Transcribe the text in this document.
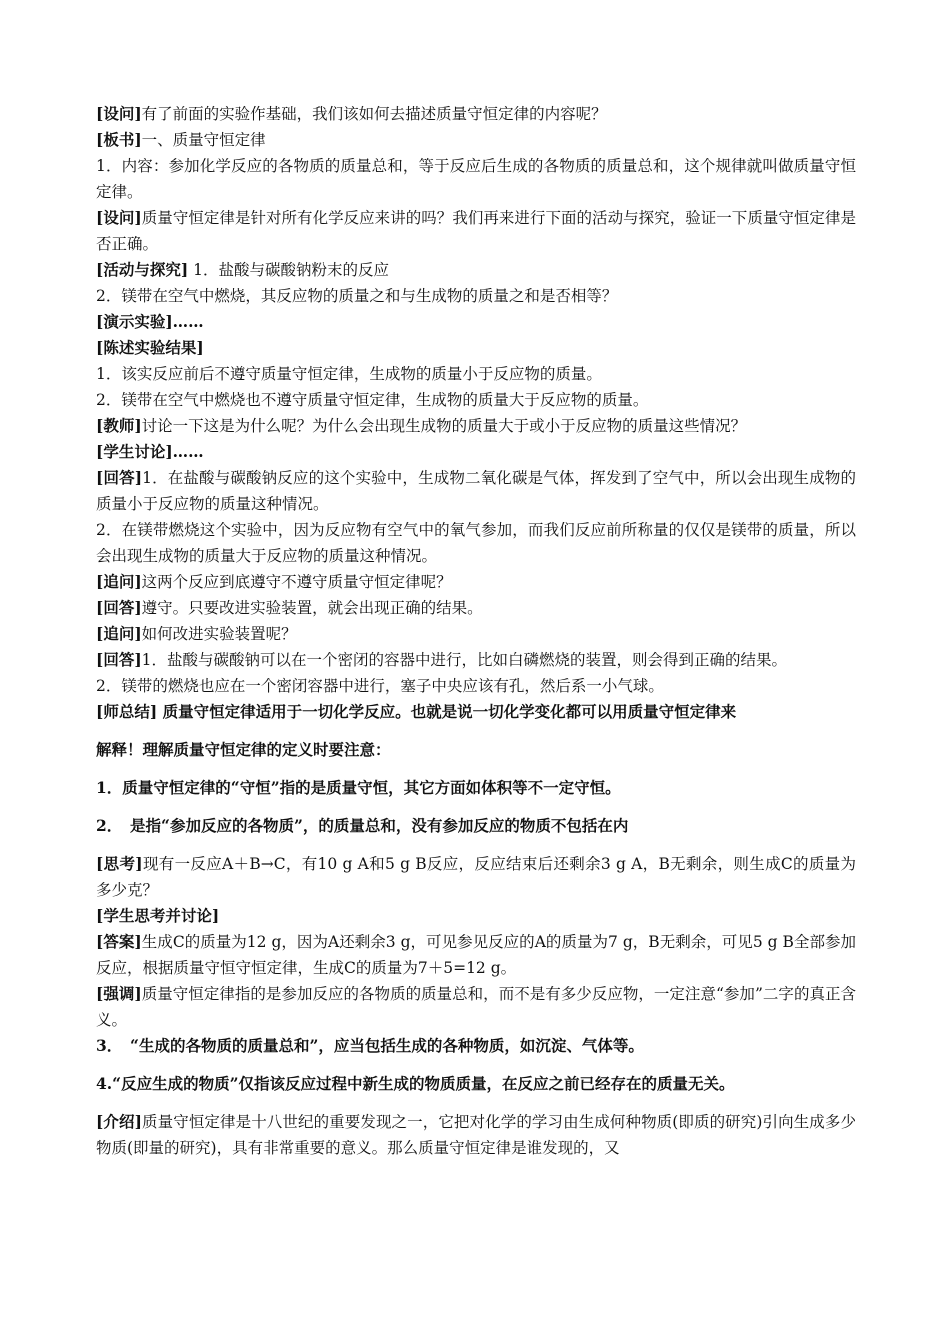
[设问]有了前面的实验作基础，我们该如何去描述质量守恒定律的内容呢？

[板书]一、质量守恒定律

1．内容：参加化学反应的各物质的质量总和，等于反应后生成的各物质的质量总和，这个规律就叫做质量守恒定律。

[设问]质量守恒定律是针对所有化学反应来讲的吗？我们再来进行下面的活动与探究，验证一下质量守恒定律是否正确。

[活动与探究] 1．盐酸与碳酸钠粉末的反应

2．镁带在空气中燃烧，其反应物的质量之和与生成物的质量之和是否相等？

[演示实验]……

[陈述实验结果]

1．该实反应前后不遵守质量守恒定律，生成物的质量小于反应物的质量。

2．镁带在空气中燃烧也不遵守质量守恒定律，生成物的质量大于反应物的质量。

[教师]讨论一下这是为什么呢？为什么会出现生成物的质量大于或小于反应物的质量这些情况？

[学生讨论]……

[回答]1．在盐酸与碳酸钠反应的这个实验中，生成物二氧化碳是气体，挥发到了空气中，所以会出现生成物的质量小于反应物的质量这种情况。

2．在镁带燃烧这个实验中，因为反应物有空气中的氧气参加，而我们反应前所称量的仅仅是镁带的质量，所以会出现生成物的质量大于反应物的质量这种情况。

[追问]这两个反应到底遵守不遵守质量守恒定律呢？

[回答]遵守。只要改进实验装置，就会出现正确的结果。

[追问]如何改进实验装置呢？

[回答]1．盐酸与碳酸钠可以在一个密闭的容器中进行，比如白磷燃烧的装置，则会得到正确的结果。

2．镁带的燃烧也应在一个密闭容器中进行，塞子中央应该有孔，然后系一小气球。

[师总结] 质量守恒定律适用于一切化学反应。也就是说一切化学变化都可以用质量守恒定律来

解释！理解质量守恒定律的定义时要注意：

1．质量守恒定律的“守恒”指的是质量守恒，其它方面如体积等不一定守恒。

2．　是指“参加反应的各物质”，的质量总和，没有参加反应的物质不包括在内

[思考]现有一反应A＋B→C，有10 g A和5 g B反应，反应结束后还剩余3 g A，B无剩余，则生成C的质量为多少克？

[学生思考并讨论]

[答案]生成C的质量为12 g，因为A还剩余3 g，可见参见反应的A的质量为7 g，B无剩余，可见5 g B全部参加反应，根据质量守恒守恒定律，生成C的质量为7＋5=12 g。

[强调]质量守恒定律指的是参加反应的各物质的质量总和，而不是有多少反应物，一定注意“参加”二字的真正含义。

3．　“生成的各物质的质量总和”，应当包括生成的各种物质，如沉淀、气体等。

4.“反应生成的物质”仅指该反应过程中新生成的物质质量，在反应之前已经存在的质量无关。

[介绍]质量守恒定律是十八世纪的重要发现之一，它把对化学的学习由生成何种物质(即质的研究)引向生成多少物质(即量的研究)，具有非常重要的意义。那么质量守恒定律是谁发现的，又
